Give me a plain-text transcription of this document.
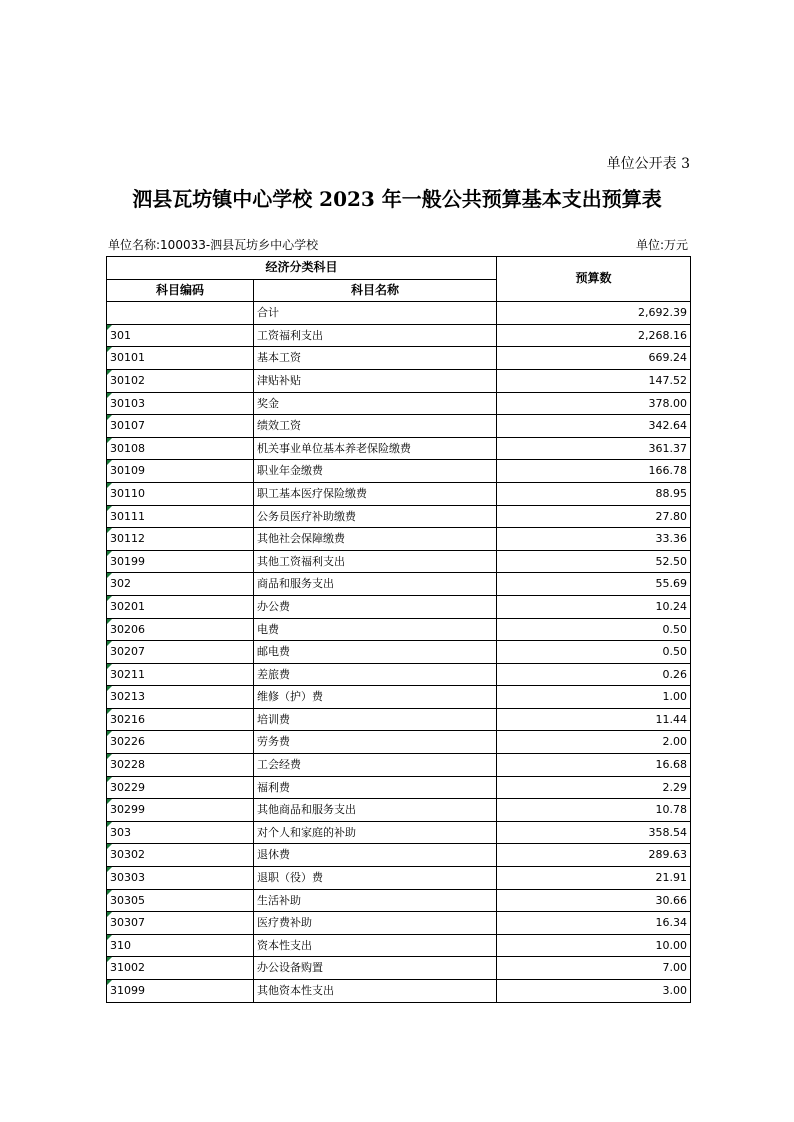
单位公开表 3
泗县瓦坊镇中心学校 2023 年一般公共预算基本支出预算表
单位名称:100033-泗县瓦坊乡中心学校	单位:万元
经济分类科目		预算数
科目编码	科目名称	
	合计	2,692.39
301	工资福利支出	2,268.16
30101	基本工资	669.24
30102	津贴补贴	147.52
30103	奖金	378.00
30107	绩效工资	342.64
30108	机关事业单位基本养老保险缴费	361.37
30109	职业年金缴费	166.78
30110	职工基本医疗保险缴费	88.95
30111	公务员医疗补助缴费	27.80
30112	其他社会保障缴费	33.36
30199	其他工资福利支出	52.50
302	商品和服务支出	55.69
30201	办公费	10.24
30206	电费	0.50
30207	邮电费	0.50
30211	差旅费	0.26
30213	维修（护）费	1.00
30216	培训费	11.44
30226	劳务费	2.00
30228	工会经费	16.68
30229	福利费	2.29
30299	其他商品和服务支出	10.78
303	对个人和家庭的补助	358.54
30302	退休费	289.63
30303	退职（役）费	21.91
30305	生活补助	30.66
30307	医疗费补助	16.34
310	资本性支出	10.00
31002	办公设备购置	7.00
31099	其他资本性支出	3.00
